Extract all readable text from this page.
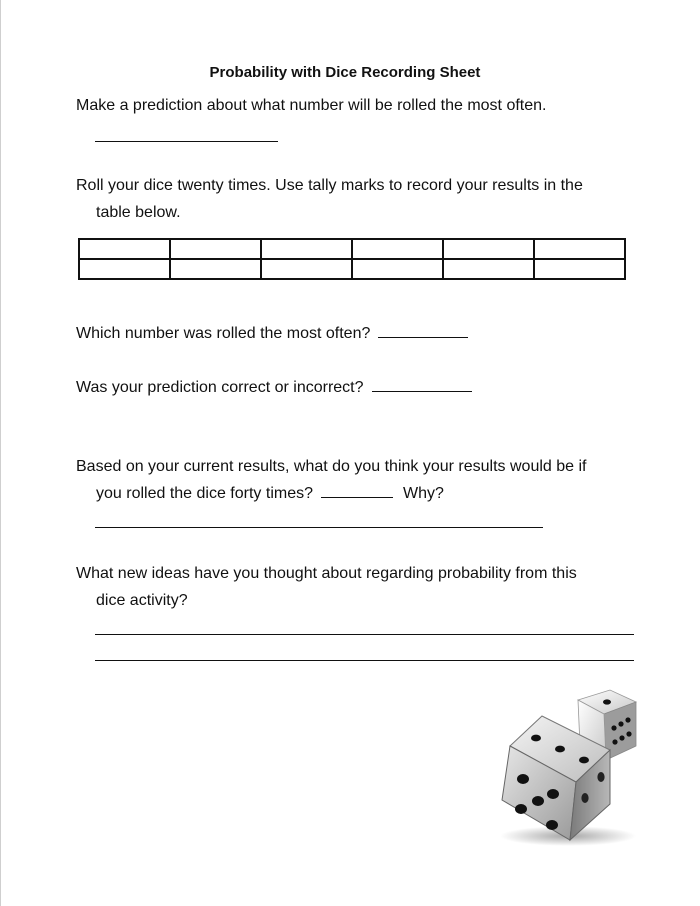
Probability with Dice Recording Sheet
Make a prediction about what number will be rolled the most often.
Roll your dice twenty times. Use tally marks to record your results in the
table below.

Which number was rolled the most often?
Was your prediction correct or incorrect?
Based on your current results, what do you think your results would be if
you rolled the dice forty times?	Why?
What new ideas have you thought about regarding probability from this
dice activity?
